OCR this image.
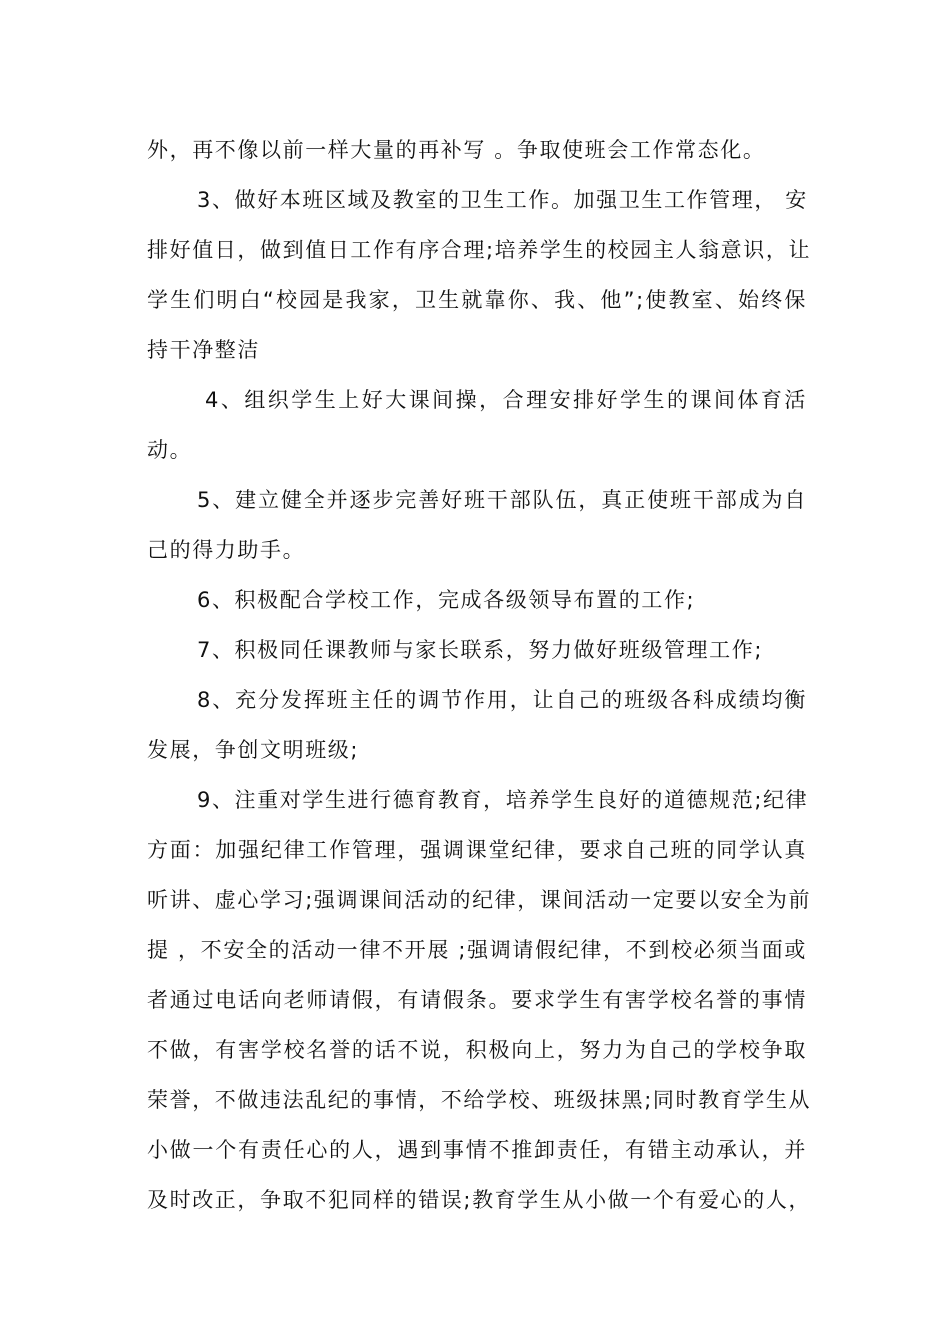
外，再不像以前一样大量的再补写 。争取使班会工作常态化。
3、做好本班区域及教室的卫生工作。加强卫生工作管理， 安
排好值日，做到值日工作有序合理;培养学生的校园主人翁意识，让
学生们明白“校园是我家，卫生就靠你、我、他”;使教室、始终保
持干净整洁
4、组织学生上好大课间操，合理安排好学生的课间体育活
动。
5、建立健全并逐步完善好班干部队伍，真正使班干部成为自
己的得力助手。
6、积极配合学校工作，完成各级领导布置的工作;
7、积极同任课教师与家长联系，努力做好班级管理工作;
8、充分发挥班主任的调节作用，让自己的班级各科成绩均衡
发展，争创文明班级;
9、注重对学生进行德育教育，培养学生良好的道德规范;纪律
方面：加强纪律工作管理，强调课堂纪律，要求自己班的同学认真
听讲、虚心学习;强调课间活动的纪律，课间活动一定要以安全为前
提 ，不安全的活动一律不开展 ;强调请假纪律，不到校必须当面或
者通过电话向老师请假，有请假条。要求学生有害学校名誉的事情
不做，有害学校名誉的话不说，积极向上，努力为自己的学校争取
荣誉，不做违法乱纪的事情，不给学校、班级抹黑;同时教育学生从
小做一个有责任心的人，遇到事情不推卸责任，有错主动承认，并
及时改正，争取不犯同样的错误;教育学生从小做一个有爱心的人，
